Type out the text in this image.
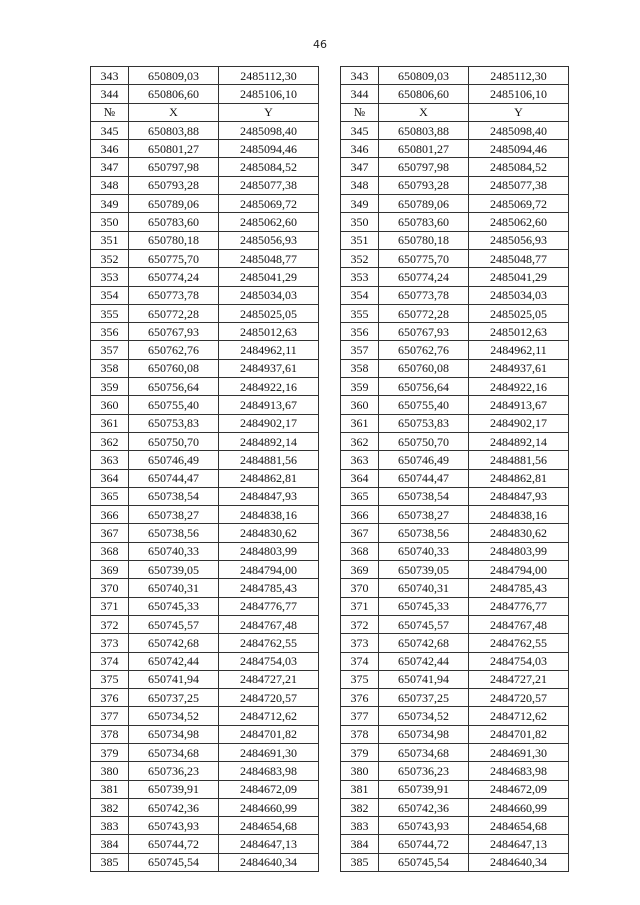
46
343	650809,03	2485112,30		343	650809,03	2485112,30
344	650806,60	2485106,10		344	650806,60	2485106,10
№	X	Y		№	X	Y
345	650803,88	2485098,40		345	650803,88	2485098,40
346	650801,27	2485094,46		346	650801,27	2485094,46
347	650797,98	2485084,52		347	650797,98	2485084,52
348	650793,28	2485077,38		348	650793,28	2485077,38
349	650789,06	2485069,72		349	650789,06	2485069,72
350	650783,60	2485062,60		350	650783,60	2485062,60
351	650780,18	2485056,93		351	650780,18	2485056,93
352	650775,70	2485048,77		352	650775,70	2485048,77
353	650774,24	2485041,29		353	650774,24	2485041,29
354	650773,78	2485034,03		354	650773,78	2485034,03
355	650772,28	2485025,05		355	650772,28	2485025,05
356	650767,93	2485012,63		356	650767,93	2485012,63
357	650762,76	2484962,11		357	650762,76	2484962,11
358	650760,08	2484937,61		358	650760,08	2484937,61
359	650756,64	2484922,16		359	650756,64	2484922,16
360	650755,40	2484913,67		360	650755,40	2484913,67
361	650753,83	2484902,17		361	650753,83	2484902,17
362	650750,70	2484892,14		362	650750,70	2484892,14
363	650746,49	2484881,56		363	650746,49	2484881,56
364	650744,47	2484862,81		364	650744,47	2484862,81
365	650738,54	2484847,93		365	650738,54	2484847,93
366	650738,27	2484838,16		366	650738,27	2484838,16
367	650738,56	2484830,62		367	650738,56	2484830,62
368	650740,33	2484803,99		368	650740,33	2484803,99
369	650739,05	2484794,00		369	650739,05	2484794,00
370	650740,31	2484785,43		370	650740,31	2484785,43
371	650745,33	2484776,77		371	650745,33	2484776,77
372	650745,57	2484767,48		372	650745,57	2484767,48
373	650742,68	2484762,55		373	650742,68	2484762,55
374	650742,44	2484754,03		374	650742,44	2484754,03
375	650741,94	2484727,21		375	650741,94	2484727,21
376	650737,25	2484720,57		376	650737,25	2484720,57
377	650734,52	2484712,62		377	650734,52	2484712,62
378	650734,98	2484701,82		378	650734,98	2484701,82
379	650734,68	2484691,30		379	650734,68	2484691,30
380	650736,23	2484683,98		380	650736,23	2484683,98
381	650739,91	2484672,09		381	650739,91	2484672,09
382	650742,36	2484660,99		382	650742,36	2484660,99
383	650743,93	2484654,68		383	650743,93	2484654,68
384	650744,72	2484647,13		384	650744,72	2484647,13
385	650745,54	2484640,34		385	650745,54	2484640,34
